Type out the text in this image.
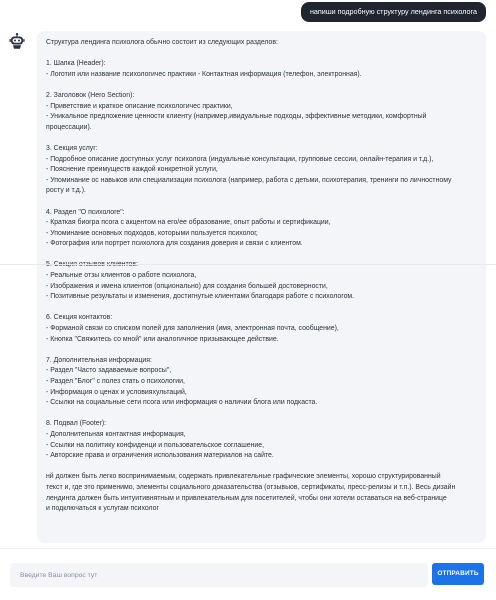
напиши подробную структуру лендинга психолога
Структура лендинга психолога обычно состоит из следующих разделов:
1. Шапка (Header):
- Логотип или название психологичес практики - Контактная информация (телефон, электронная).
2. Заголовок (Hero Section):
- Приветствие и краткое описание психологичес практики,
- Уникальное предложение ценности клиенту (например,ивидуальные подходы, эффективные методики, комфортный
процессации).
3. Секция услуг:
- Подробное описание доступных услуг психолога (индуальные консультации, групповые сессии, онлайн-терапия и т.д.),
- Пояснение преимуществ каждой конкретной услуги,
- Упоминание ос навыков или специализации психолога (например, работа с детьми, психотерапия, тренинги по личностному
росту и т.д.).
4. Раздел "О психологе":
- Краткая биогра псога с акцентом на его/ее образование, опыт работы и сертификации,
- Упоминание основных подходов, которыми пользуется психолог,
- Фотография или портрет психолога для создания доверия и связи с клиентом.
- Реальные отзы клиентов о работе психолога,
- Изображения и имена клиентов (опционально) для создания большей достоверности,
- Позитивные результаты и изменения, достигнутые клиентами благодаря работе с психологом.
6. Секция контактов:
- Форманой связи со списком полей для заполнения (имя, электронная почта, сообщение),
- Кнопка "Свяжитесь со мной" или аналогичное призывающее действие.
7. Дополнительная информация:
- Раздел "Часто задаваемые вопросы",
- Раздел "Блог" с полез стать о психологии,
- Информация о ценах и условияхультаций,
- Ссылки на социальные сети псога или информация о наличии блога или подкаста.
8. Подвал (Footer):
- Дополнительная контактная информация,
- Ссылки на политику конфиденци и пользовательское соглашение,
- Авторские права и ограничения использования материалов на сайте.
нй должен быть легко воспринимаемым, содержать привлекательные графические элементы, хорошо структурированный
текст и, где это применимо, элементы социального доказательства (отзывыов, сертификаты, пресс-релизы и т.п.). Весь дизайн
лендинга должен быть интуитивнятным и привлекательным для посетителей, чтобы они хотели оставаться на веб-странице
и подключаться к услугам психолог
Введите Ваш вопрос тут
ОТПРАВИТЬ
